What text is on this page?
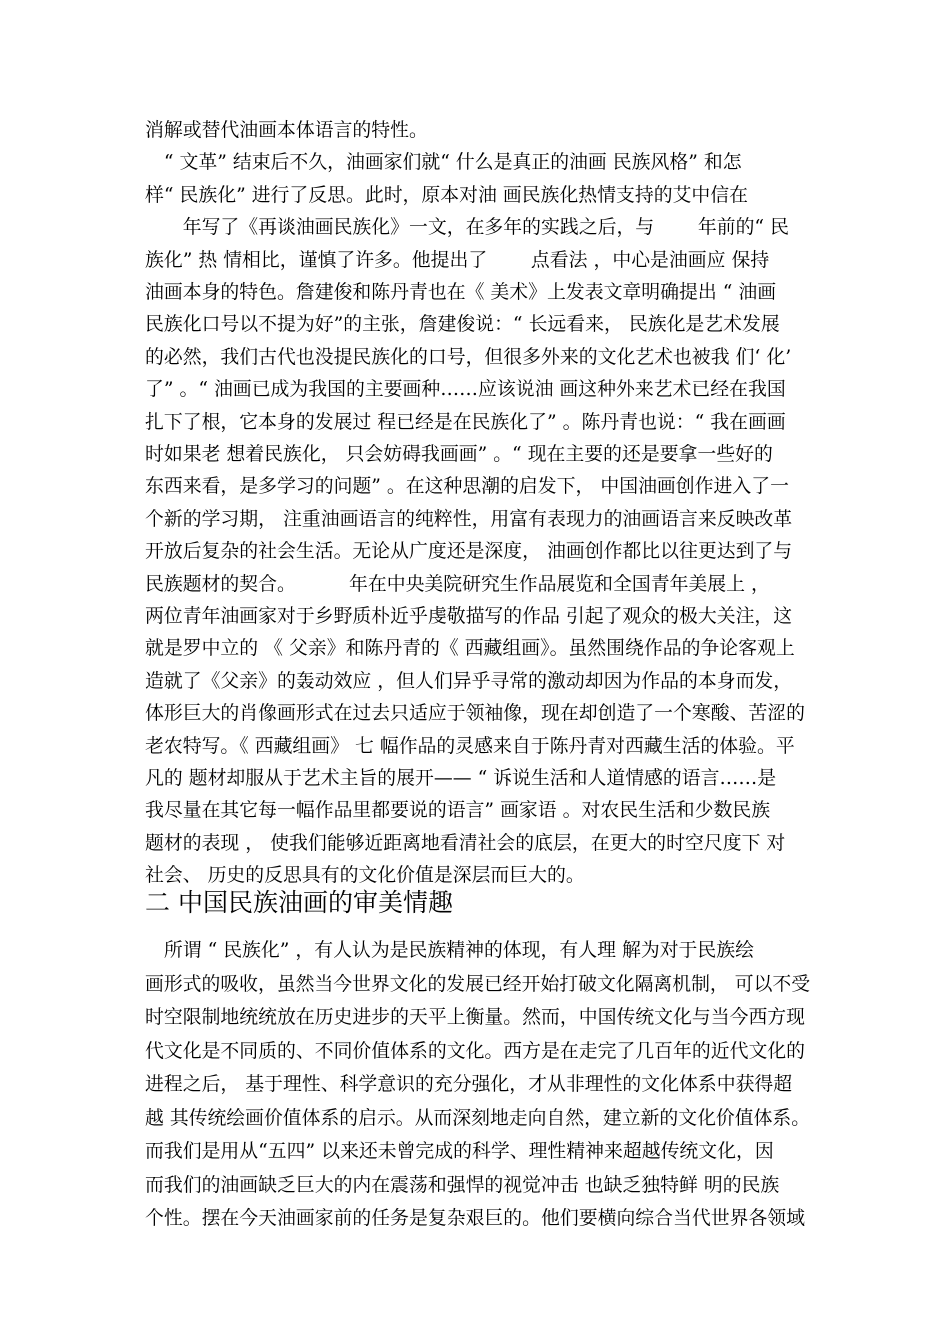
消解或替代油画本体语言的特性。
　“ 文革” 结束后不久，油画家们就“ 什么是真正的油画 民族风格” 和怎
样“ 民族化” 进行了反思。此时，原本对油 画民族化热情支持的艾中信在
　　年写了《再谈油画民族化》一文，在多年的实践之后，与　　 年前的“ 民
族化” 热 情相比，谨慎了许多。他提出了　　 点看法 ，中心是油画应 保持
油画本身的特色。詹建俊和陈丹青也在《 美术》上发表文章明确提出 “ 油画
民族化口号以不提为好”的主张，詹建俊说：“ 长远看来， 民族化是艺术发展
的必然，我们古代也没提民族化的口号，但很多外来的文化艺术也被我 们‘ 化’
了” 。“ 油画已成为我国的主要画种……应该说油 画这种外来艺术已经在我国
扎下了根，它本身的发展过 程已经是在民族化了” 。陈丹青也说：“ 我在画画
时如果老 想着民族化， 只会妨碍我画画” 。“ 现在主要的还是要拿一些好的
东西来看，是多学习的问题” 。在这种思潮的启发下， 中国油画创作进入了一
个新的学习期， 注重油画语言的纯粹性，用富有表现力的油画语言来反映改革
开放后复杂的社会生活。无论从广度还是深度， 油画创作都比以往更达到了与
民族题材的契合。　　　 年在中央美院研究生作品展览和全国青年美展上 ，
两位青年油画家对于乡野质朴近乎虔敬描写的作品 引起了观众的极大关注，这
就是罗中立的 《 父亲》和陈丹青的《 西藏组画》。虽然围绕作品的争论客观上
造就了《父亲》的轰动效应 ，但人们异乎寻常的激动却因为作品的本身而发，
体形巨大的肖像画形式在过去只适应于领袖像，现在却创造了一个寒酸、苦涩的
老农特写。《 西藏组画》 七 幅作品的灵感来自于陈丹青对西藏生活的体验。平
凡的 题材却服从于艺术主旨的展开—— “ 诉说生活和人道情感的语言……是
我尽量在其它每一幅作品里都要说的语言” 画家语 。对农民生活和少数民族
题材的表现 ， 使我们能够近距离地看清社会的底层，在更大的时空尺度下 对
社会、 历史的反思具有的文化价值是深层而巨大的。
二 中国民族油画的审美情趣
　所谓 “ 民族化” ，有人认为是民族精神的体现，有人理 解为对于民族绘
画形式的吸收，虽然当今世界文化的发展已经开始打破文化隔离机制， 可以不受
时空限制地统统放在历史进步的天平上衡量。然而，中国传统文化与当今西方现
代文化是不同质的、不同价值体系的文化。西方是在走完了几百年的近代文化的
进程之后， 基于理性、科学意识的充分强化，才从非理性的文化体系中获得超
越 其传统绘画价值体系的启示。从而深刻地走向自然，建立新的文化价值体系。
而我们是用从“五四” 以来还未曾完成的科学、理性精神来超越传统文化，因
而我们的油画缺乏巨大的内在震荡和强悍的视觉冲击 也缺乏独特鲜 明的民族
个性。摆在今天油画家前的任务是复杂艰巨的。他们要横向综合当代世界各领域
